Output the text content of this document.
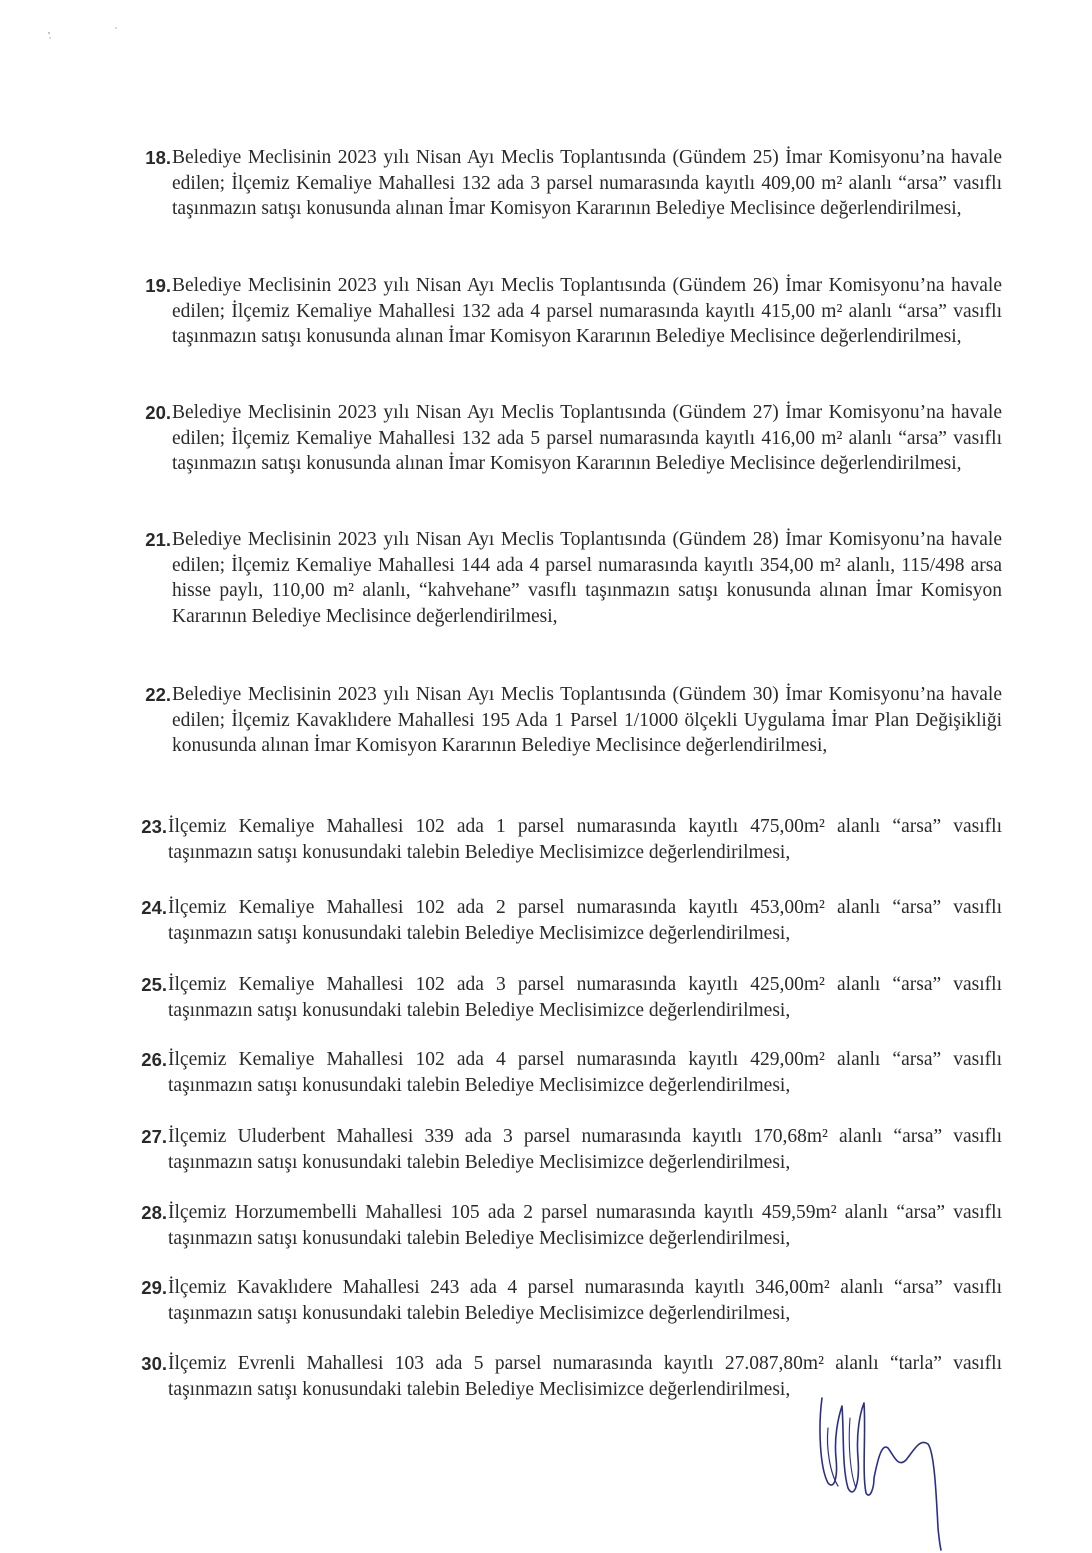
18. Belediye Meclisinin 2023 yılı Nisan Ayı Meclis Toplantısında (Gündem 25) İmar Komisyonu’na havale edilen; İlçemiz Kemaliye Mahallesi 132 ada 3 parsel numarasında kayıtlı 409,00 m² alanlı “arsa” vasıflı taşınmazın satışı konusunda alınan İmar Komisyon Kararının Belediye Meclisince değerlendirilmesi,
19. Belediye Meclisinin 2023 yılı Nisan Ayı Meclis Toplantısında (Gündem 26) İmar Komisyonu’na havale edilen; İlçemiz Kemaliye Mahallesi 132 ada 4 parsel numarasında kayıtlı 415,00 m² alanlı “arsa” vasıflı taşınmazın satışı konusunda alınan İmar Komisyon Kararının Belediye Meclisince değerlendirilmesi,
20. Belediye Meclisinin 2023 yılı Nisan Ayı Meclis Toplantısında (Gündem 27) İmar Komisyonu’na havale edilen; İlçemiz Kemaliye Mahallesi 132 ada 5 parsel numarasında kayıtlı 416,00 m² alanlı “arsa” vasıflı taşınmazın satışı konusunda alınan İmar Komisyon Kararının Belediye Meclisince değerlendirilmesi,
21. Belediye Meclisinin 2023 yılı Nisan Ayı Meclis Toplantısında (Gündem 28) İmar Komisyonu’na havale edilen; İlçemiz Kemaliye Mahallesi 144 ada 4 parsel numarasında kayıtlı 354,00 m² alanlı, 115/498 arsa hisse paylı, 110,00 m² alanlı, “kahvehane” vasıflı taşınmazın satışı konusunda alınan İmar Komisyon Kararının Belediye Meclisince değerlendirilmesi,
22. Belediye Meclisinin 2023 yılı Nisan Ayı Meclis Toplantısında (Gündem 30) İmar Komisyonu’na havale edilen; İlçemiz Kavaklıdere Mahallesi 195 Ada 1 Parsel 1/1000 ölçekli Uygulama İmar Plan Değişikliği konusunda alınan İmar Komisyon Kararının Belediye Meclisince değerlendirilmesi,
23. İlçemiz Kemaliye Mahallesi 102 ada 1 parsel numarasında kayıtlı 475,00m² alanlı “arsa” vasıflı taşınmazın satışı konusundaki talebin Belediye Meclisimizce değerlendirilmesi,
24. İlçemiz Kemaliye Mahallesi 102 ada 2 parsel numarasında kayıtlı 453,00m² alanlı “arsa” vasıflı taşınmazın satışı konusundaki talebin Belediye Meclisimizce değerlendirilmesi,
25. İlçemiz Kemaliye Mahallesi 102 ada 3 parsel numarasında kayıtlı 425,00m² alanlı “arsa” vasıflı taşınmazın satışı konusundaki talebin Belediye Meclisimizce değerlendirilmesi,
26. İlçemiz Kemaliye Mahallesi 102 ada 4 parsel numarasında kayıtlı 429,00m² alanlı “arsa” vasıflı taşınmazın satışı konusundaki talebin Belediye Meclisimizce değerlendirilmesi,
27. İlçemiz Uluderbent Mahallesi 339 ada 3 parsel numarasında kayıtlı 170,68m² alanlı “arsa” vasıflı taşınmazın satışı konusundaki talebin Belediye Meclisimizce değerlendirilmesi,
28. İlçemiz Horzumembelli Mahallesi 105 ada 2 parsel numarasında kayıtlı 459,59m² alanlı “arsa” vasıflı taşınmazın satışı konusundaki talebin Belediye Meclisimizce değerlendirilmesi,
29. İlçemiz Kavaklıdere Mahallesi 243 ada 4 parsel numarasında kayıtlı 346,00m² alanlı “arsa” vasıflı taşınmazın satışı konusundaki talebin Belediye Meclisimizce değerlendirilmesi,
30. İlçemiz Evrenli Mahallesi 103 ada 5 parsel numarasında kayıtlı 27.087,80m² alanlı “tarla” vasıflı taşınmazın satışı konusundaki talebin Belediye Meclisimizce değerlendirilmesi,
